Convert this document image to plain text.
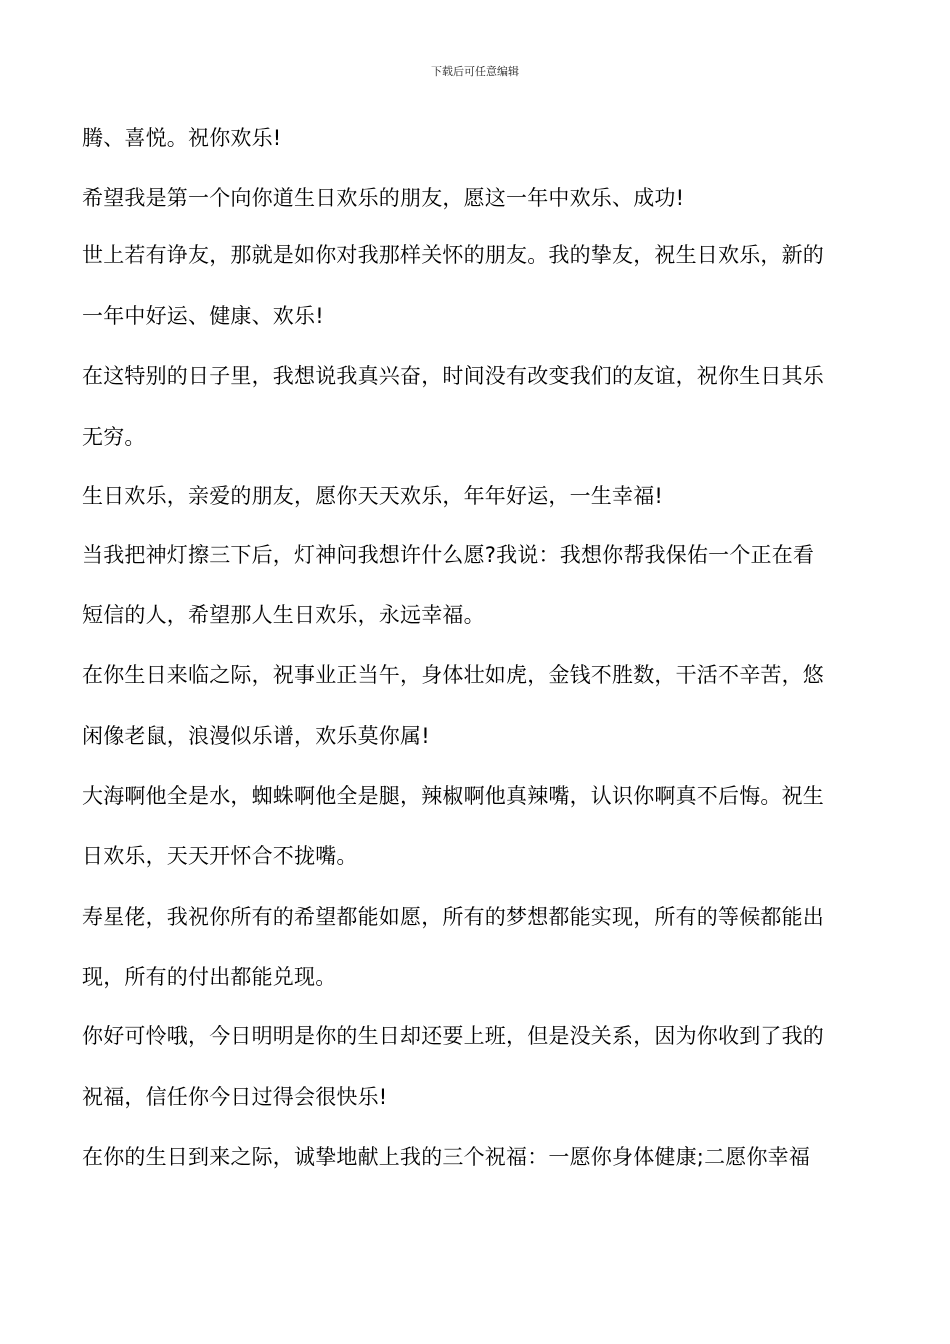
下载后可任意编辑
腾、喜悦。祝你欢乐!
希望我是第一个向你道生日欢乐的朋友，愿这一年中欢乐、成功!
世上若有诤友，那就是如你对我那样关怀的朋友。我的挚友，祝生日欢乐，新的
一年中好运、健康、欢乐!
在这特别的日子里，我想说我真兴奋，时间没有改变我们的友谊，祝你生日其乐
无穷。
生日欢乐，亲爱的朋友，愿你天天欢乐，年年好运，一生幸福!
当我把神灯擦三下后，灯神问我想许什么愿?我说：我想你帮我保佑一个正在看
短信的人，希望那人生日欢乐，永远幸福。
在你生日来临之际，祝事业正当午，身体壮如虎，金钱不胜数，干活不辛苦，悠
闲像老鼠，浪漫似乐谱，欢乐莫你属!
大海啊他全是水，蜘蛛啊他全是腿，辣椒啊他真辣嘴，认识你啊真不后悔。祝生
日欢乐，天天开怀合不拢嘴。
寿星佬，我祝你所有的希望都能如愿，所有的梦想都能实现，所有的等候都能出
现，所有的付出都能兑现。
你好可怜哦，今日明明是你的生日却还要上班，但是没关系，因为你收到了我的
祝福，信任你今日过得会很快乐!
在你的生日到来之际，诚挚地献上我的三个祝福：一愿你身体健康;二愿你幸福
